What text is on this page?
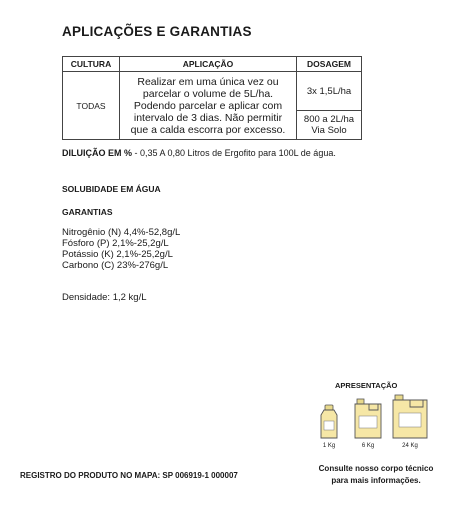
APLICAÇÕES E GARANTIAS
CULTURA	APLICAÇÃO	DOSAGEM
TODAS	Realizar em uma única vez ou
parcelar o volume de 5L/ha.
Podendo parcelar e aplicar com
intervalo de 3 dias. Não permitir
que a calda escorra por excesso.	3x 1,5L/ha

		800 a 2L/ha
Via Solo
DILUIÇÃO EM % - 0,35 A 0,80 Litros de Ergofito para 100L de água.
SOLUBIDADE EM ÁGUA
GARANTIAS
Nitrogênio (N) 4,4%-52,8g/L
Fósforo (P) 2,1%-25,2g/L
Potássio (K) 2,1%-25,2g/L
Carbono (C) 23%-276g/L
Densidade: 1,2 kg/L
APRESENTAÇÃO
1 Kg	6 Kg	24 Kg
Consulte nosso corpo técnico
para mais informações.
REGISTRO DO PRODUTO NO MAPA: SP 006919-1 000007
